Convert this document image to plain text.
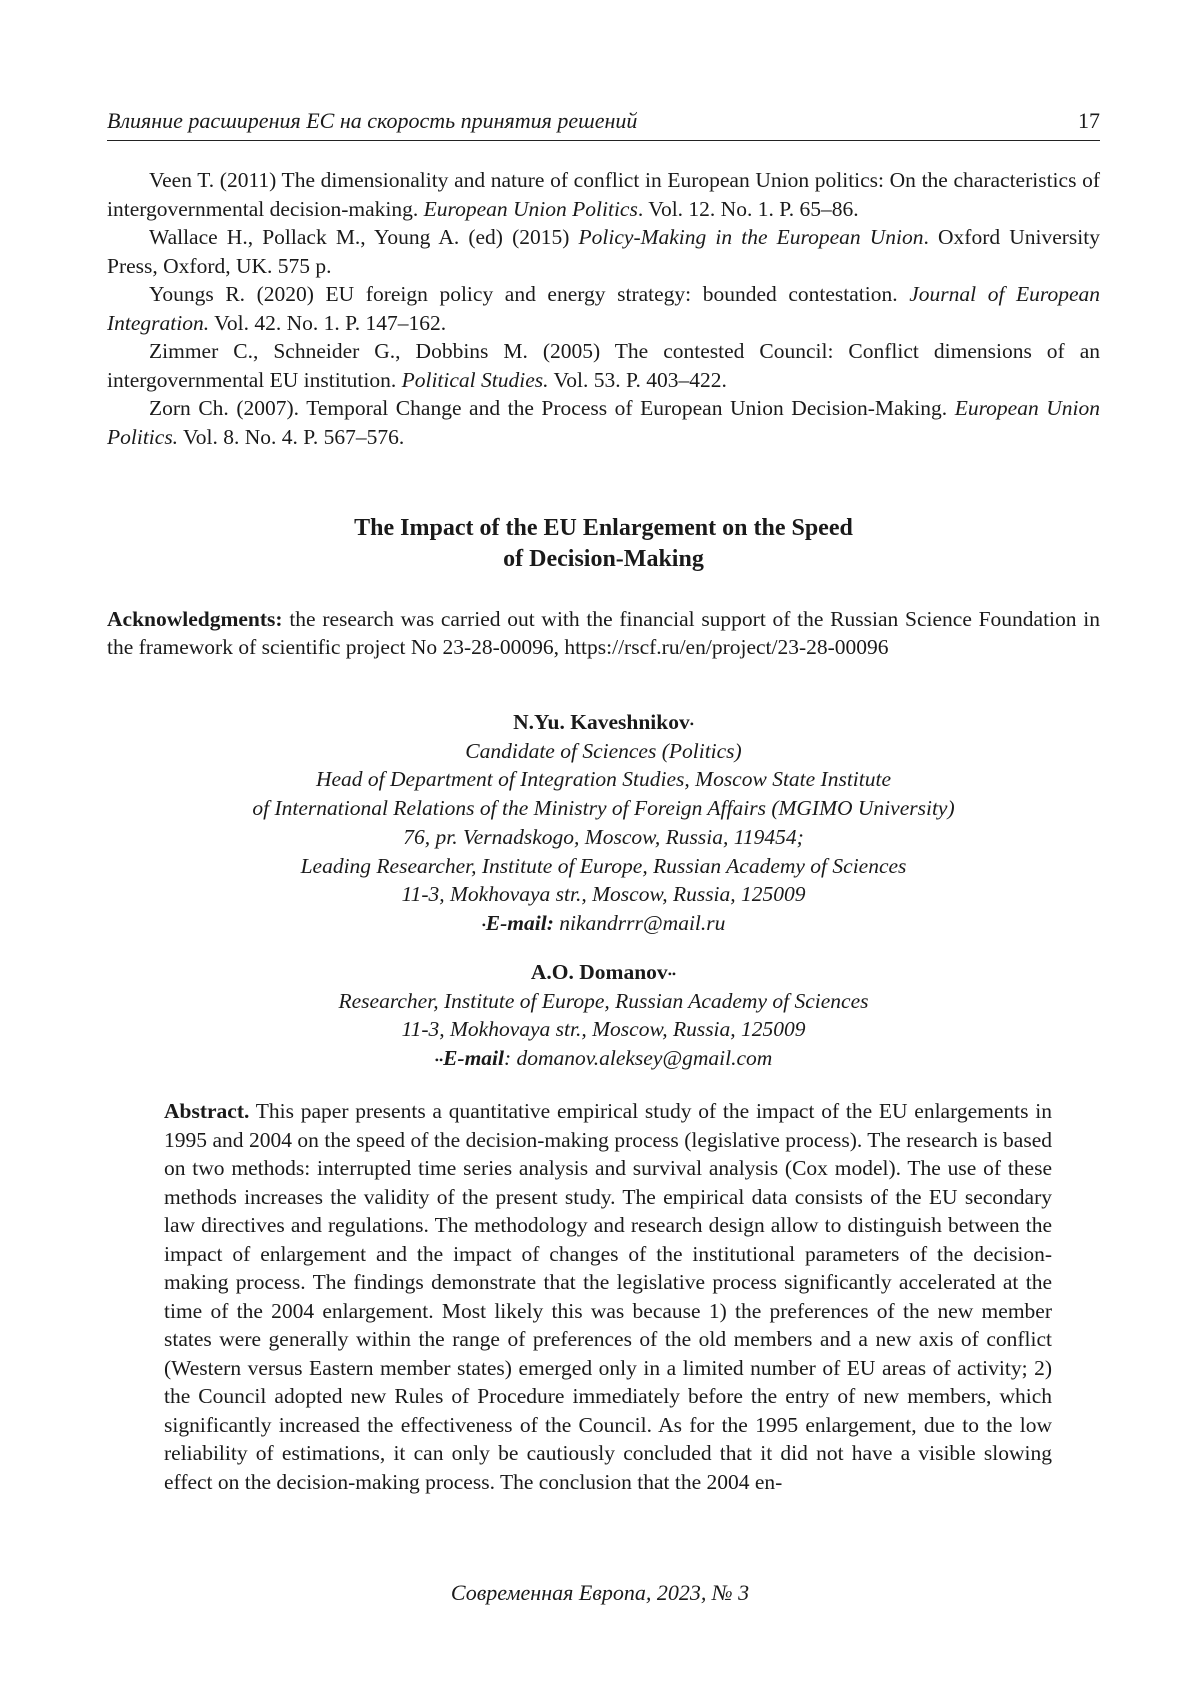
Влияние расширения ЕС на скорость принятия решений	17

Veen T. (2011) The dimensionality and nature of conflict in European Union politics: On the characteristics of intergovernmental decision-making. European Union Politics. Vol. 12. No. 1. P. 65–86.

Wallace H., Pollack M., Young A. (ed) (2015) Policy-Making in the European Union. Oxford University Press, Oxford, UK. 575 p.

Youngs R. (2020) EU foreign policy and energy strategy: bounded contestation. Journal of European Integration. Vol. 42. No. 1. P. 147–162.

Zimmer C., Schneider G., Dobbins M. (2005) The contested Council: Conflict dimensions of an intergovernmental EU institution. Political Studies. Vol. 53. P. 403–422.

Zorn Ch. (2007). Temporal Change and the Process of European Union Decision-Making. European Union Politics. Vol. 8. No. 4. P. 567–576.

The Impact of the EU Enlargement on the Speed
of Decision-Making
Acknowledgments: the research was carried out with the financial support of the Russian Science Foundation in the framework of scientific project No 23-28-00096, https://rscf.ru/en/project/23-28-00096
N.Yu. Kaveshnikov•
Candidate of Sciences (Politics)
Head of Department of Integration Studies, Moscow State Institute
of International Relations of the Ministry of Foreign Affairs (MGIMO University)
76, pr. Vernadskogo, Moscow, Russia, 119454;
Leading Researcher, Institute of Europe, Russian Academy of Sciences
11-3, Mokhovaya str., Moscow, Russia, 125009
•E-mail: nikandrrr@mail.ru
A.O. Domanov••
Researcher, Institute of Europe, Russian Academy of Sciences
11-3, Mokhovaya str., Moscow, Russia, 125009
••E-mail: domanov.aleksey@gmail.com
Abstract. This paper presents a quantitative empirical study of the impact of the EU enlargements in 1995 and 2004 on the speed of the decision-making process (legislative process). The research is based on two methods: interrupted time series analysis and survival analysis (Cox model). The use of these methods increases the validity of the present study. The empirical data consists of the EU secondary law directives and regulations. The methodology and research design allow to distinguish between the impact of enlargement and the impact of changes of the institutional parameters of the decision-making process. The findings demonstrate that the legislative process significantly accelerated at the time of the 2004 enlargement. Most likely this was because 1) the preferences of the new member states were generally within the range of preferences of the old members and a new axis of conflict (Western versus Eastern member states) emerged only in a limited number of EU areas of activity; 2) the Council adopted new Rules of Procedure immediately before the entry of new members, which significantly increased the effectiveness of the Council. As for the 1995 enlargement, due to the low reliability of estimations, it can only be cautiously concluded that it did not have a visible slowing effect on the decision-making process. The conclusion that the 2004 en-
Современная Европа, 2023, № 3
